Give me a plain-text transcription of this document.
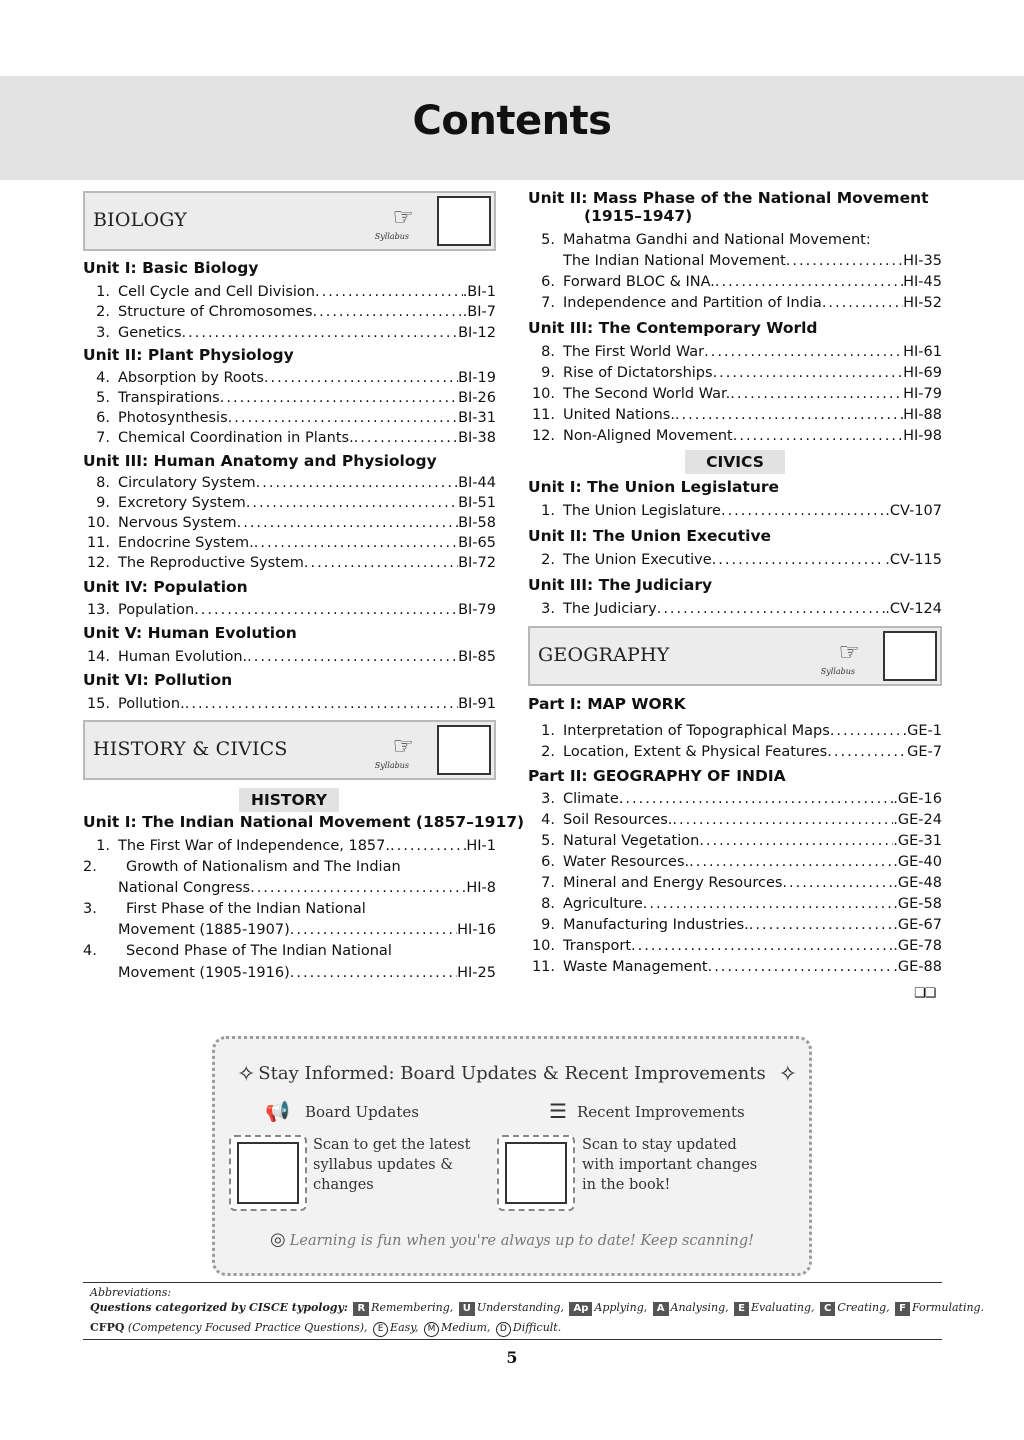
Contents
BIOLOGY	☞
Syllabus
Unit I: Basic Biology
1. Cell Cycle and Cell Division .....	.BI-1
2. Structure of Chromosomes .....	.BI-7
3. Genetics .....	BI-12
Unit II: Plant Physiology
4. Absorption by Roots .....	BI-19
5. Transpirations .....	BI-26
6. Photosynthesis .....	BI-31
7. Chemical Coordination in Plants. .....	BI-38
Unit III: Human Anatomy and Physiology
8. Circulatory System .....	BI-44
9. Excretory System .....	BI-51
10. Nervous System .....	BI-58
11. Endocrine System. .....	BI-65
12. The Reproductive System .....	BI-72
Unit IV: Population
13. Population .....	BI-79
Unit V: Human Evolution
14. Human Evolution. .....	BI-85
Unit VI: Pollution
15. Pollution. .....	BI-91
HISTORY & CIVICS	☞
Syllabus
HISTORY
Unit I: The Indian National Movement (1857–1917)
1. The First War of Independence, 1857. .....	HI-1
2.	Growth of Nationalism and The Indian
National Congress .....	HI-8
3.	First Phase of the Indian National
Movement (1885-1907) .....	HI-16
4.	Second Phase of The Indian National
Movement (1905-1916) .....	HI-25
Unit II: Mass Phase of the National Movement
(1915–1947)
5. Mahatma Gandhi and National Movement:
The Indian National Movement .....	HI-35
6. Forward BLOC & INA. .....	HI-45
7. Independence and Partition of India .....	HI-52
Unit III: The Contemporary World
8. The First World War .....	HI-61
9. Rise of Dictatorships .....	HI-69
10. The Second World War. .....	HI-79
11. United Nations. .....	HI-88
12. Non-Aligned Movement .....	HI-98
CIVICS
Unit I: The Union Legislature
1. The Union Legislature .....	.CV-107
Unit II: The Union Executive
2. The Union Executive .....	.CV-115
Unit III: The Judiciary
3. The Judiciary .....	.CV-124
GEOGRAPHY	☞
Syllabus
Part I: MAP WORK
1. Interpretation of Topographical Maps .....	GE-1
2. Location, Extent & Physical Features .....	GE-7
Part II: GEOGRAPHY OF INDIA
3. Climate .....	.GE-16
4. Soil Resources. .....	.GE-24
5. Natural Vegetation .....	.GE-31
6. Water Resources. .....	.GE-40
7. Mineral and Energy Resources .....	.GE-48
8. Agriculture .....	.GE-58
9. Manufacturing Industries. .....	.GE-67
10. Transport .....	.GE-78
11. Waste Management .....	.GE-88
❑❑
✧ Stay Informed: Board Updates & Recent Improvements ✧
📢 Board Updates	☰ Recent Improvements
Scan to get the latest syllabus updates & changes
Scan to stay updated with important changes in the book!
◎ Learning is fun when you're always up to date! Keep scanning!
Abbreviations:
Questions categorized by CISCE typology: R Remembering, U Understanding, Ap Applying, A Analysing, E Evaluating, C Creating, F Formulating.
CFPQ (Competency Focused Practice Questions), E Easy, M Medium, D Difficult.
5
